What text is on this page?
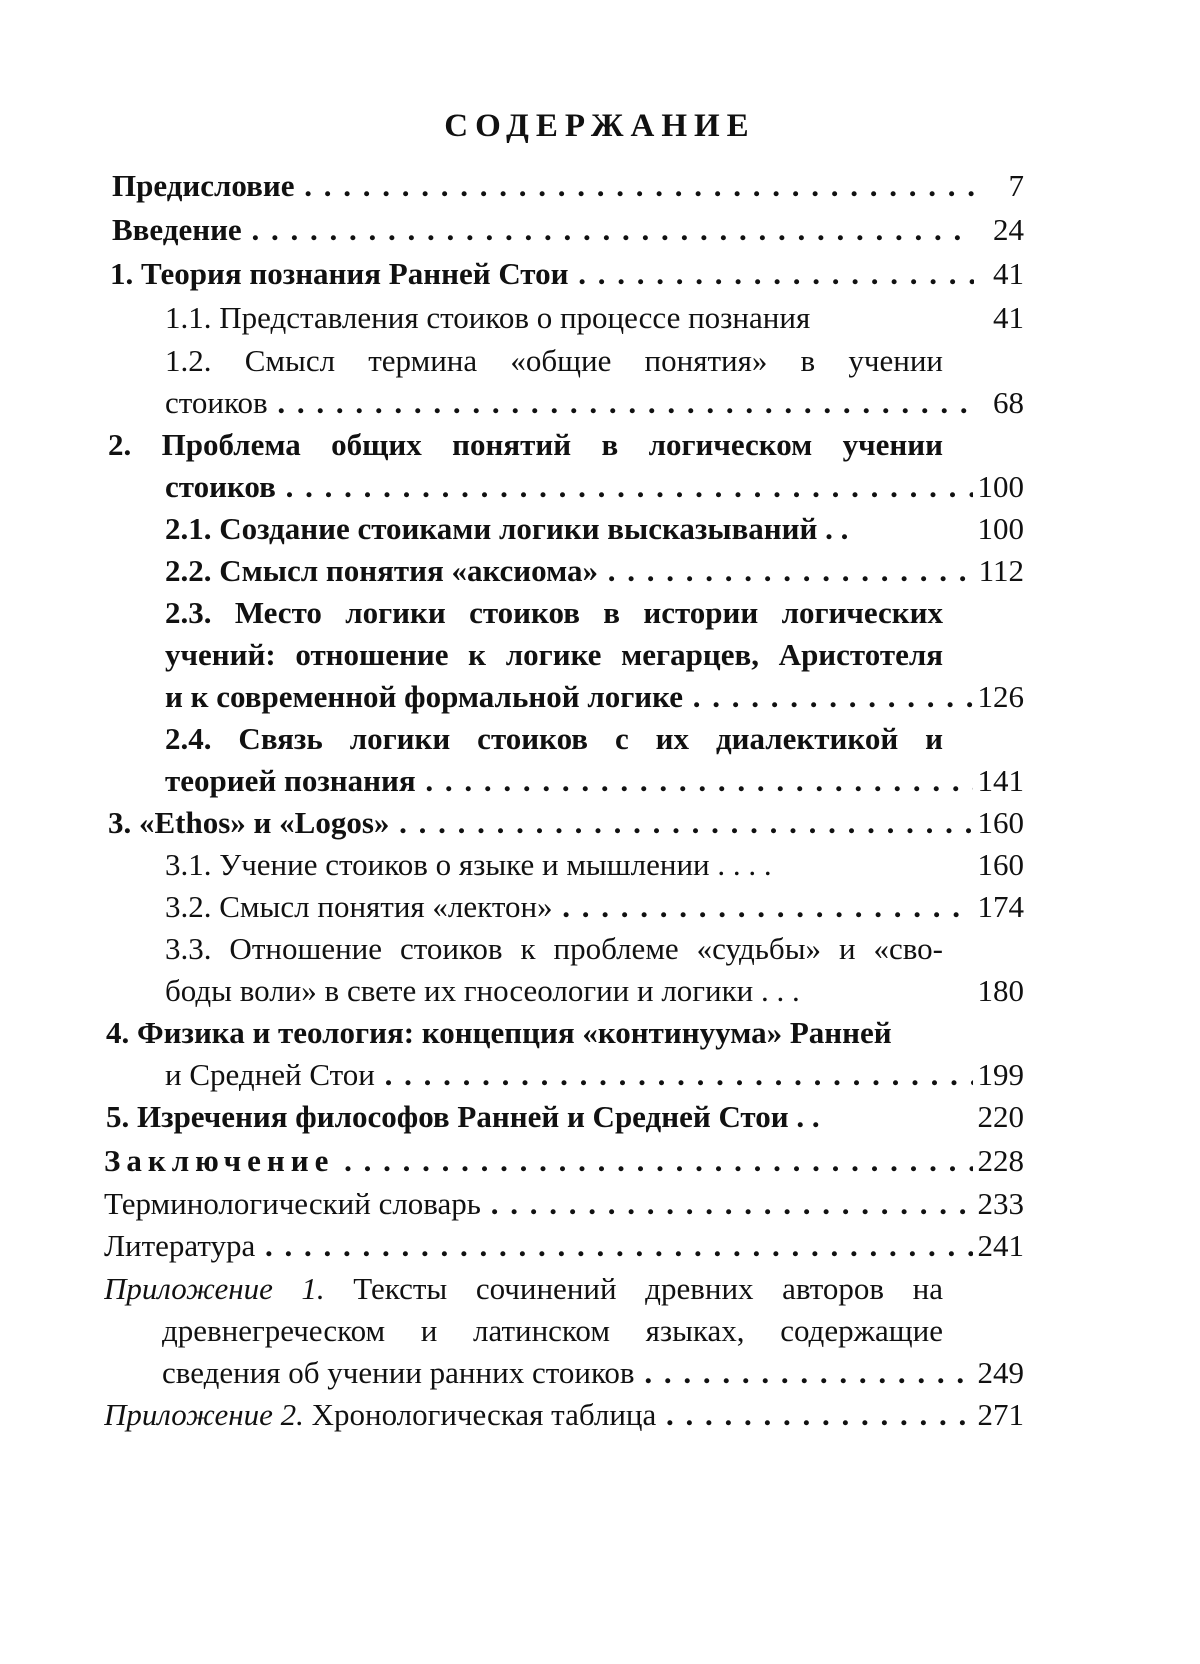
СОДЕРЖАНИЕ
Предисловие . . .	7
Введение . . .	24
1. Теория познания Ранней Стои . . .	41
1.1. Представления стоиков о процессе познания	41
1.2. Смысл термина «общие понятия» в учении
стоиков . . .	68
2. Проблема общих понятий в логическом учении
стоиков . . .	100
2.1. Создание стоиками логики высказываний . .	100
2.2. Смысл понятия «аксиома» . . .	112
2.3. Место логики стоиков в истории логических
учений: отношение к логике мегарцев, Аристотеля
и к современной формальной логике . . .	126
2.4. Связь логики стоиков с их диалектикой и
теорией познания . . .	141
3. «Ethos» и «Logos» . . .	160
3.1. Учение стоиков о языке и мышлении . . . .	160
3.2. Смысл понятия «лектон» . . .	174
3.3. Отношение стоиков к проблеме «судьбы» и «сво-
боды воли» в свете их гносеологии и логики . . .	180
4. Физика и теология: концепция «континуума» Ранней
и Средней Стои . . .	199
5. Изречения философов Ранней и Средней Стои . .	220
Заключение . . .	228
Терминологический словарь . . .	233
Литература . . .	241
Приложение 1. Тексты сочинений древних авторов на
древнегреческом и латинском языках, содержащие
сведения об учении ранних стоиков . . .	249
Приложение 2. Хронологическая таблица . . .	271
